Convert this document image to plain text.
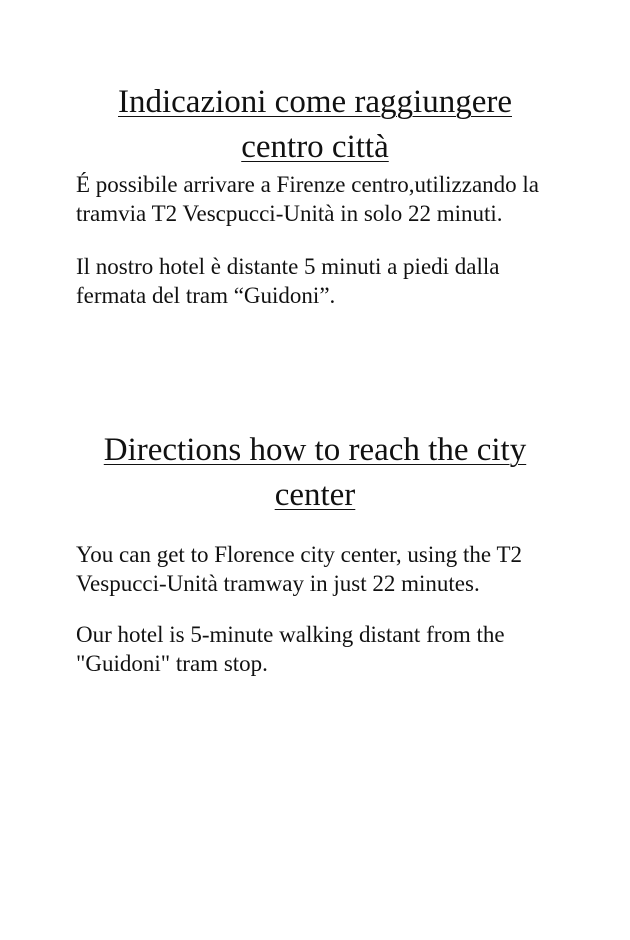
Indicazioni come raggiungere centro città

É possibile arrivare a Firenze centro,utilizzando la tramvia T2 Vescpucci-Unità in solo 22 minuti.

Il nostro hotel è distante 5 minuti a piedi dalla fermata del tram “Guidoni”.

Directions how to reach the city center

You can get to Florence city center, using the T2 Vespucci-Unità tramway in just 22 minutes.

Our hotel is 5-minute walking distant from the "Guidoni" tram stop.
